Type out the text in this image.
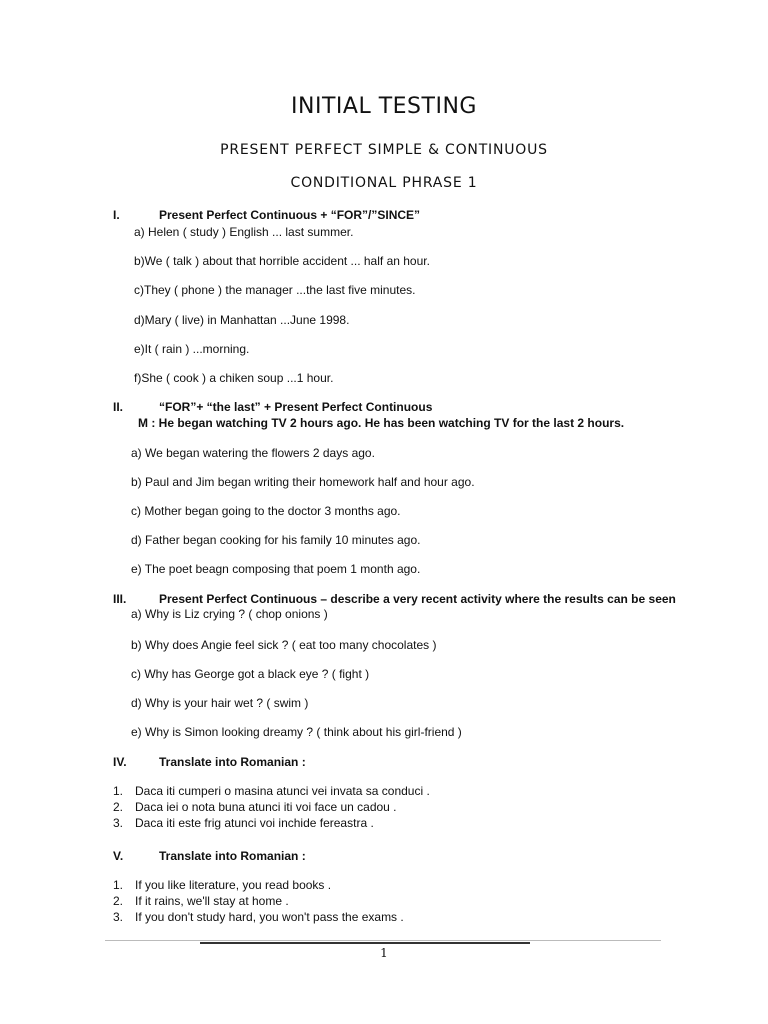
INITIAL TESTING
PRESENT PERFECT SIMPLE & CONTINUOUS
CONDITIONAL PHRASE 1
I.	Present Perfect Continuous + “FOR”/”SINCE”
a) Helen ( study ) English ... last summer.
b)We ( talk ) about that horrible accident ... half an hour.
c)They ( phone ) the manager ...the last five minutes.
d)Mary ( live) in Manhattan ...June 1998.
e)It ( rain ) ...morning.
f)She ( cook ) a chiken soup ...1 hour.
II.	“FOR”+ “the last” + Present Perfect Continuous
M : He began watching TV 2 hours ago. He has been watching TV for the last 2 hours.
a) We began watering the flowers 2 days ago.
b) Paul and Jim began writing their homework half and hour ago.
c) Mother began going to the doctor 3 months ago.
d) Father began cooking for his family 10 minutes ago.
e) The poet beagn composing that poem 1 month ago.
III.	Present Perfect Continuous – describe a very recent activity where the results can be seen
a) Why is Liz crying ? ( chop onions )
b) Why does Angie feel sick ? ( eat too many chocolates )
c) Why has George got a black eye ? ( fight )
d) Why is your hair wet ? ( swim )
e) Why is Simon looking dreamy ? ( think about his girl-friend )
IV.	Translate into Romanian :
1. Daca iti cumperi o masina atunci vei invata sa conduci .
2. Daca iei o nota buna atunci iti voi face un cadou .
3. Daca iti este frig atunci voi inchide fereastra .
V.	Translate into Romanian :
1. If you like literature, you read books .
2. If it rains, we'll stay at home .
3. If you don't study hard, you won't pass the exams .
1
